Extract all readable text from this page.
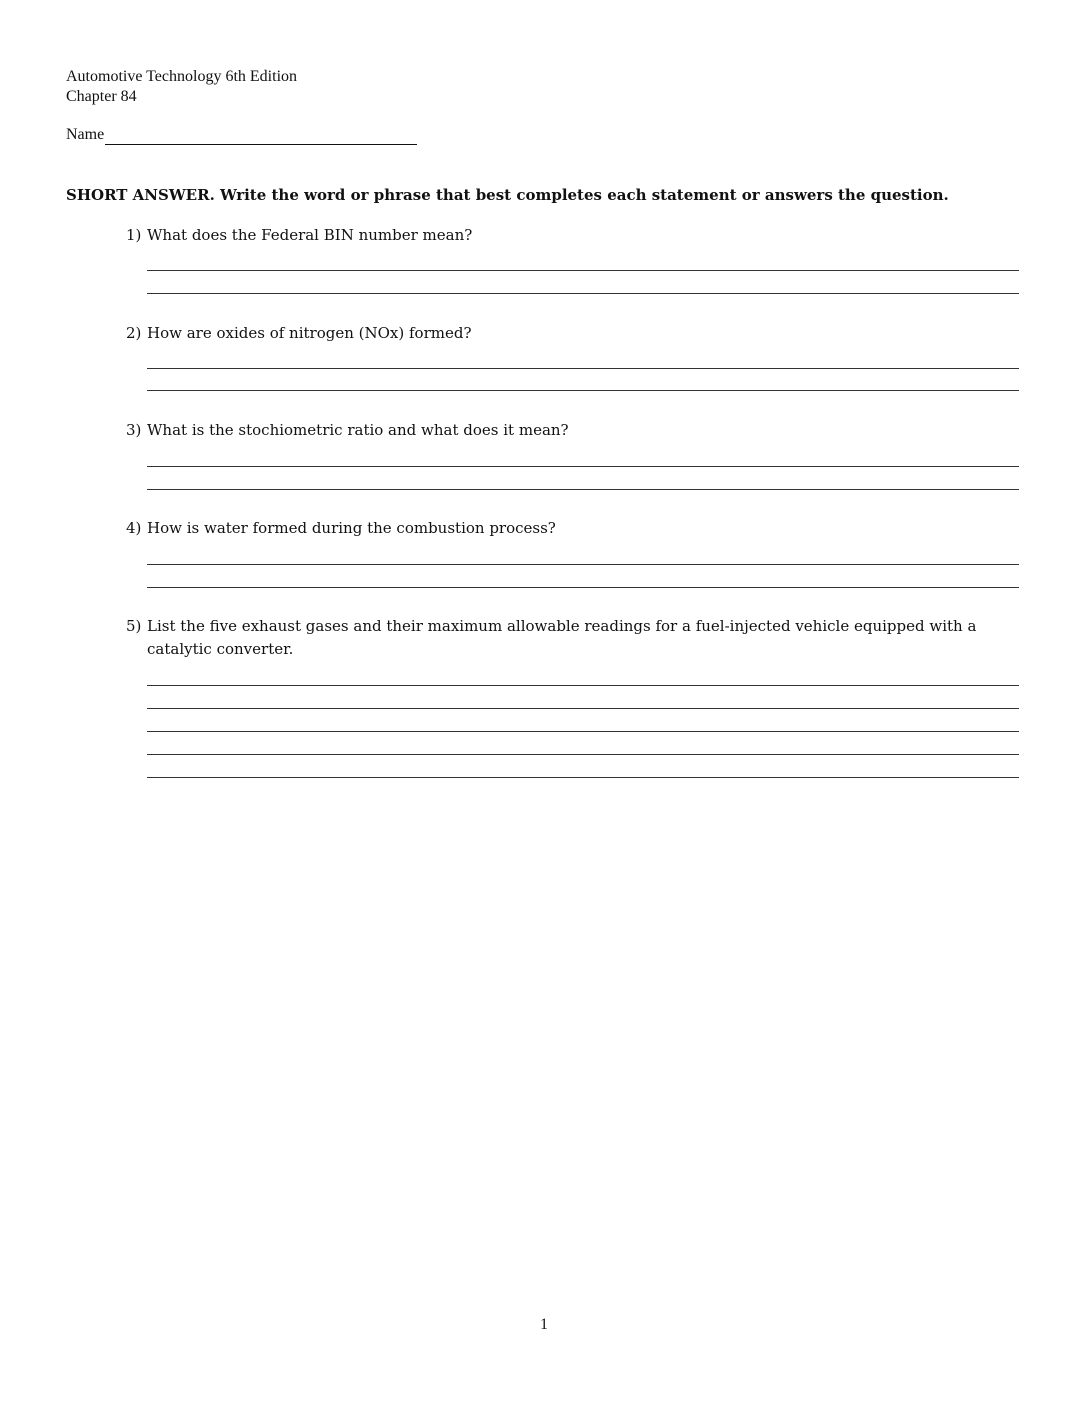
Automotive Technology 6th Edition
Chapter 84
Name
SHORT ANSWER. Write the word or phrase that best completes each statement or answers the question.
1) What does the Federal BIN number mean?
2) How are oxides of nitrogen (NOx) formed?
3) What is the stochiometric ratio and what does it mean?
4) How is water formed during the combustion process?
5) List the five exhaust gases and their maximum allowable readings for a fuel-injected vehicle equipped with a catalytic converter.
1
